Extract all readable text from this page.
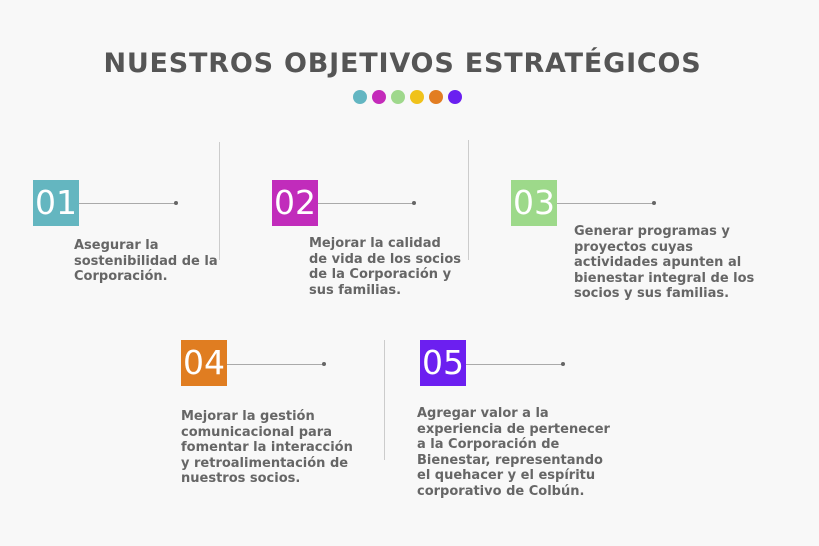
NUESTROS OBJETIVOS ESTRATÉGICOS
01
Asegurar la sostenibilidad de la Corporación.
02
Mejorar la calidad de vida de los socios de la Corporación y sus familias.
03
Generar programas y proyectos cuyas actividades apunten al bienestar integral de los socios y sus familias.
04
Mejorar la gestión comunicacional para fomentar la interacción y retroalimentación de nuestros socios.
05
Agregar valor a la experiencia de pertenecer a la Corporación de Bienestar, representando el quehacer y el espíritu corporativo de Colbún.
